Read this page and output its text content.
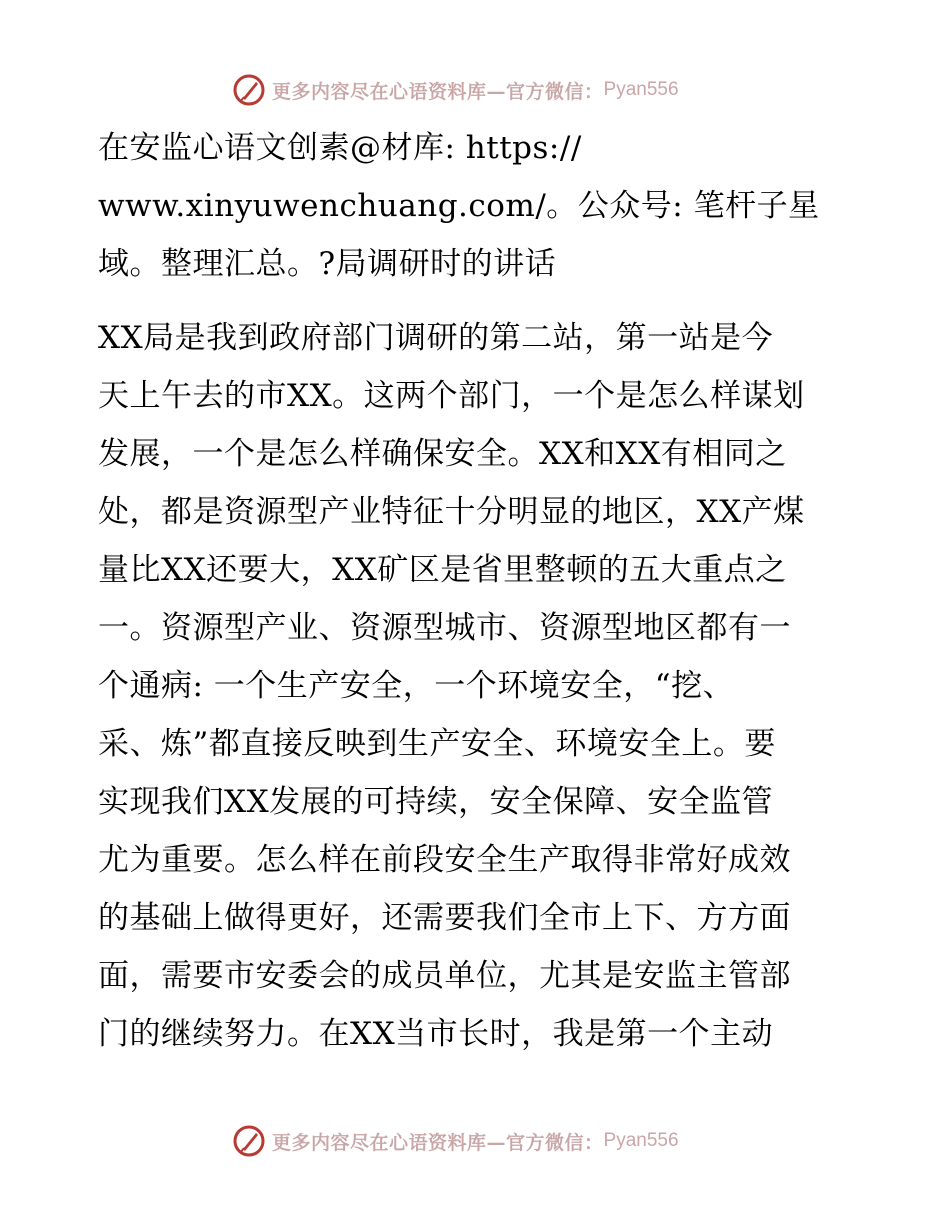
更多内容尽在心语资料库—官方微信： Pyan556
在安监心语文创素@材库: https://
www.xinyuwenchuang.com/。公众号: 笔杆子星
域。整理汇总。?局调研时的讲话
XX局是我到政府部门调研的第二站，第一站是今
天上午去的市XX。这两个部门，一个是怎么样谋划
发展，一个是怎么样确保安全。XX和XX有相同之
处，都是资源型产业特征十分明显的地区，XX产煤
量比XX还要大，XX矿区是省里整顿的五大重点之
一。资源型产业、资源型城市、资源型地区都有一
个通病: 一个生产安全，一个环境安全，“挖、
采、炼”都直接反映到生产安全、环境安全上。要
实现我们XX发展的可持续，安全保障、安全监管
尤为重要。怎么样在前段安全生产取得非常好成效
的基础上做得更好，还需要我们全市上下、方方面
面，需要市安委会的成员单位，尤其是安监主管部
门的继续努力。在XX当市长时，我是第一个主动
更多内容尽在心语资料库—官方微信： Pyan556
